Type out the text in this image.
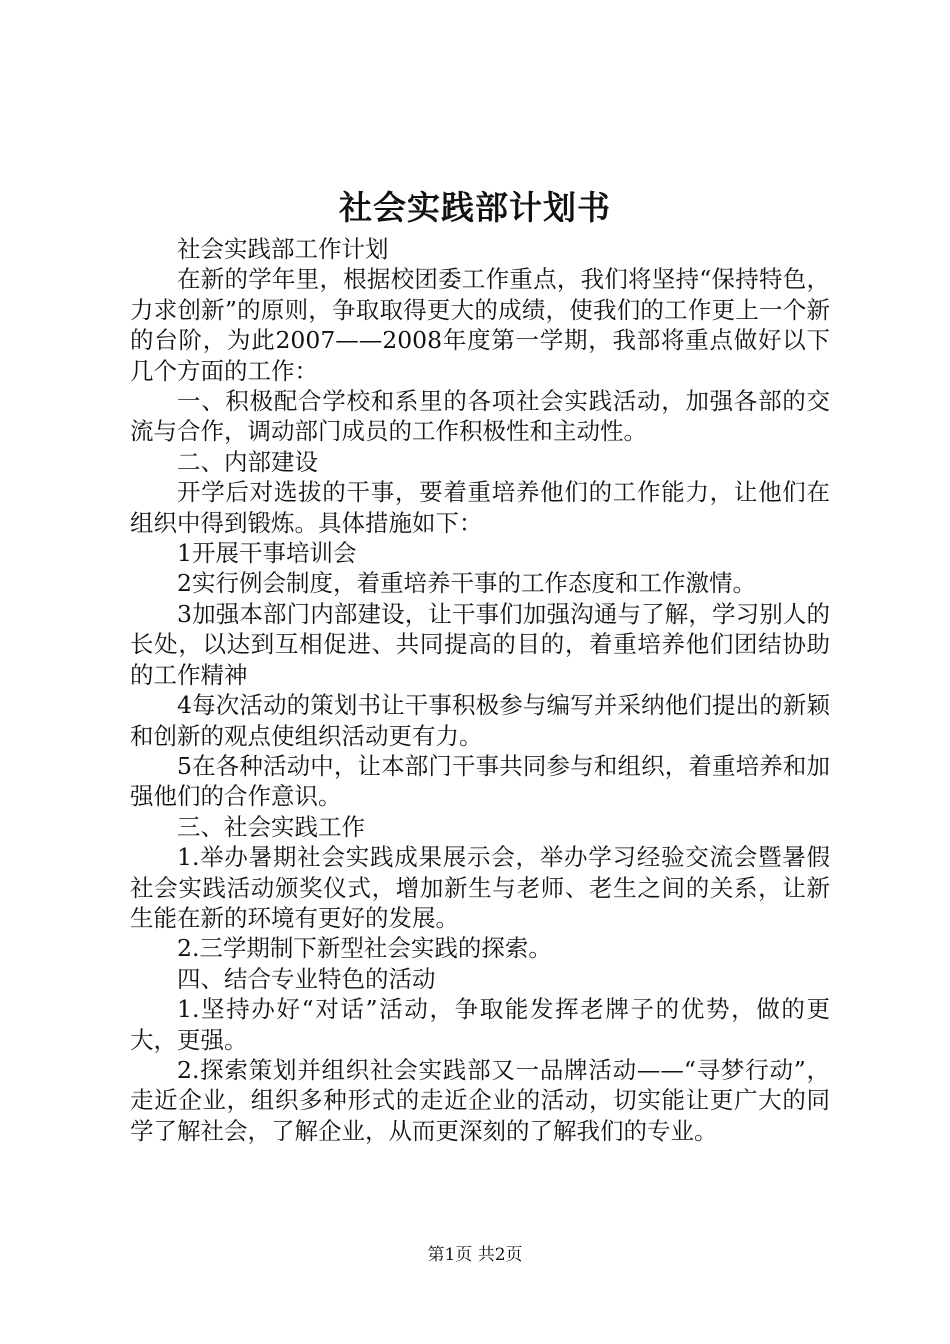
社会实践部计划书

社会实践部工作计划

在新的学年里，根据校团委工作重点，我们将坚持“保持特色，力求创新”的原则，争取取得更大的成绩，使我们的工作更上一个新的台阶，为此2007——2008年度第一学期，我部将重点做好以下几个方面的工作：

一、积极配合学校和系里的各项社会实践活动，加强各部的交流与合作，调动部门成员的工作积极性和主动性。

二、内部建设

开学后对选拔的干事，要着重培养他们的工作能力，让他们在组织中得到锻炼。具体措施如下：

1开展干事培训会

2实行例会制度，着重培养干事的工作态度和工作激情。

3加强本部门内部建设，让干事们加强沟通与了解，学习别人的长处，以达到互相促进、共同提高的目的，着重培养他们团结协助的工作精神

4每次活动的策划书让干事积极参与编写并采纳他们提出的新颖和创新的观点使组织活动更有力。

5在各种活动中，让本部门干事共同参与和组织，着重培养和加强他们的合作意识。

三、社会实践工作

1.举办暑期社会实践成果展示会，举办学习经验交流会暨暑假社会实践活动颁奖仪式，增加新生与老师、老生之间的关系，让新生能在新的环境有更好的发展。

2.三学期制下新型社会实践的探索。

四、结合专业特色的活动

1.坚持办好“对话”活动，争取能发挥老牌子的优势，做的更大，更强。

2.探索策划并组织社会实践部又一品牌活动——“寻梦行动”，走近企业，组织多种形式的走近企业的活动，切实能让更广大的同学了解社会，了解企业，从而更深刻的了解我们的专业。

第1页 共2页
